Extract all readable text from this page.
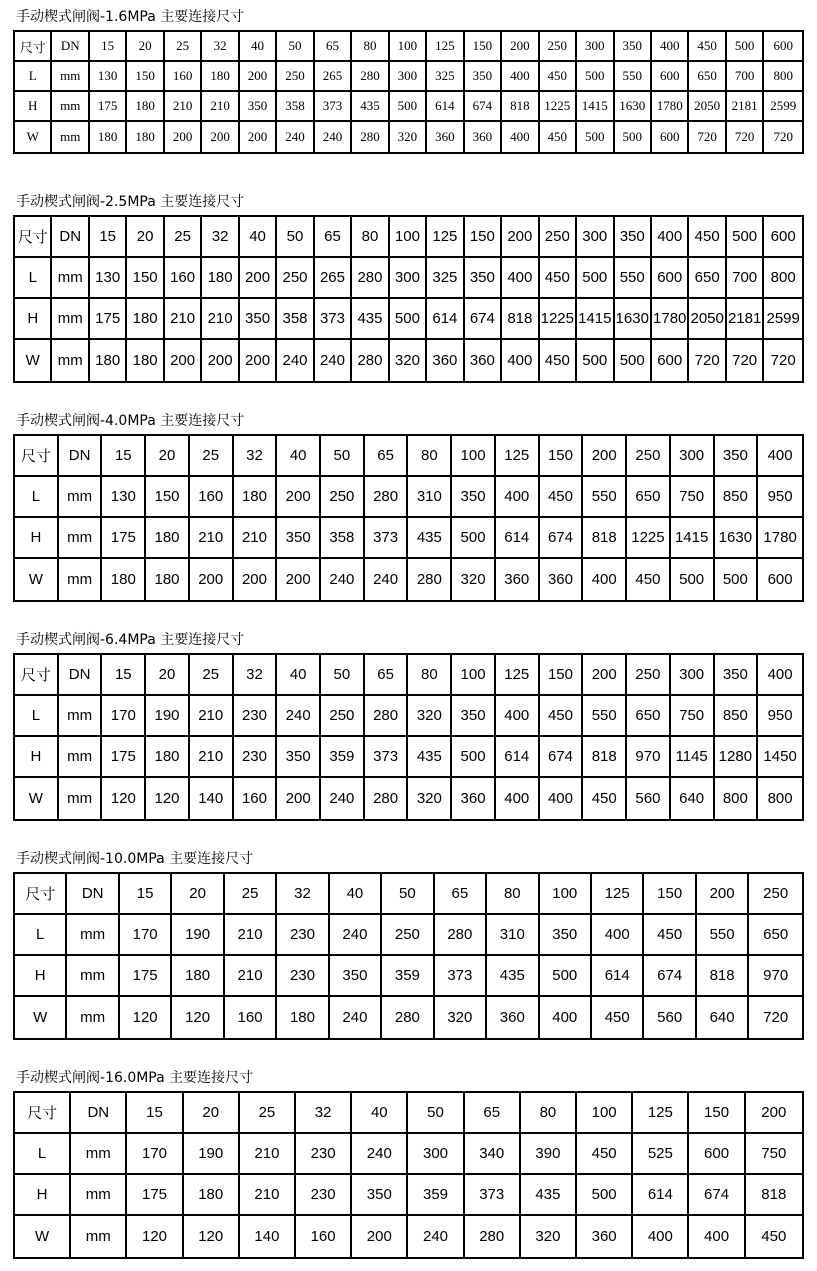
手动楔式闸阀-1.6MPa 主要连接尺寸
尺寸	DN	15	20	25	32	40	50	65	80	100	125	150	200	250	300	350	400	450	500	600
L	mm	130	150	160	180	200	250	265	280	300	325	350	400	450	500	550	600	650	700	800
H	mm	175	180	210	210	350	358	373	435	500	614	674	818	1225	1415	1630	1780	2050	2181	2599
W	mm	180	180	200	200	200	240	240	280	320	360	360	400	450	500	500	600	720	720	720
手动楔式闸阀-2.5MPa 主要连接尺寸
尺寸	DN	15	20	25	32	40	50	65	80	100	125	150	200	250	300	350	400	450	500	600
L	mm	130	150	160	180	200	250	265	280	300	325	350	400	450	500	550	600	650	700	800
H	mm	175	180	210	210	350	358	373	435	500	614	674	818	1225	1415	1630	1780	2050	2181	2599
W	mm	180	180	200	200	200	240	240	280	320	360	360	400	450	500	500	600	720	720	720
手动楔式闸阀-4.0MPa 主要连接尺寸
尺寸	DN	15	20	25	32	40	50	65	80	100	125	150	200	250	300	350	400
L	mm	130	150	160	180	200	250	280	310	350	400	450	550	650	750	850	950
H	mm	175	180	210	210	350	358	373	435	500	614	674	818	1225	1415	1630	1780
W	mm	180	180	200	200	200	240	240	280	320	360	360	400	450	500	500	600
手动楔式闸阀-6.4MPa 主要连接尺寸
尺寸	DN	15	20	25	32	40	50	65	80	100	125	150	200	250	300	350	400
L	mm	170	190	210	230	240	250	280	320	350	400	450	550	650	750	850	950
H	mm	175	180	210	230	350	359	373	435	500	614	674	818	970	1145	1280	1450
W	mm	120	120	140	160	200	240	280	320	360	400	400	450	560	640	800	800
手动楔式闸阀-10.0MPa 主要连接尺寸
尺寸	DN	15	20	25	32	40	50	65	80	100	125	150	200	250
L	mm	170	190	210	230	240	250	280	310	350	400	450	550	650
H	mm	175	180	210	230	350	359	373	435	500	614	674	818	970
W	mm	120	120	160	180	240	280	320	360	400	450	560	640	720
手动楔式闸阀-16.0MPa 主要连接尺寸
尺寸	DN	15	20	25	32	40	50	65	80	100	125	150	200
L	mm	170	190	210	230	240	300	340	390	450	525	600	750
H	mm	175	180	210	230	350	359	373	435	500	614	674	818
W	mm	120	120	140	160	200	240	280	320	360	400	400	450
